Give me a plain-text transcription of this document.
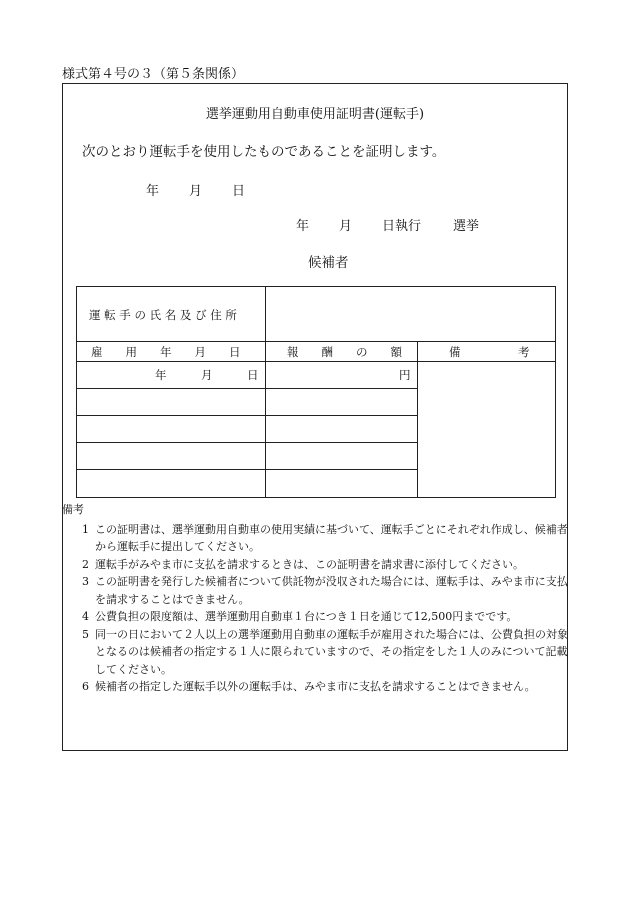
様式第４号の３（第５条関係）
選挙運動用自動車使用証明書(運転手)
次のとおり運転手を使用したものであることを証明します。
年 月 日
年 月 日執行 選挙
候補者
運 転 手 の 氏 名 及 び 住 所
雇　　用　　年　　月　　日	報　　酬　　の　　額	備　　　　　考
年	月	日	円
備考
1 この証明書は、選挙運動用自動車の使用実績に基づいて、運転手ごとにそれぞれ作成し、候補者から運転手に提出してください。
2 運転手がみやま市に支払を請求するときは、この証明書を請求書に添付してください。
3 この証明書を発行した候補者について供託物が没収された場合には、運転手は、みやま市に支払を請求することはできません。
4 公費負担の限度額は、選挙運動用自動車１台につき１日を通じて12,500円までです。
5 同一の日において２人以上の選挙運動用自動車の運転手が雇用された場合には、公費負担の対象となるのは候補者の指定する１人に限られていますので、その指定をした１人のみについて記載してください。
6 候補者の指定した運転手以外の運転手は、みやま市に支払を請求することはできません。
